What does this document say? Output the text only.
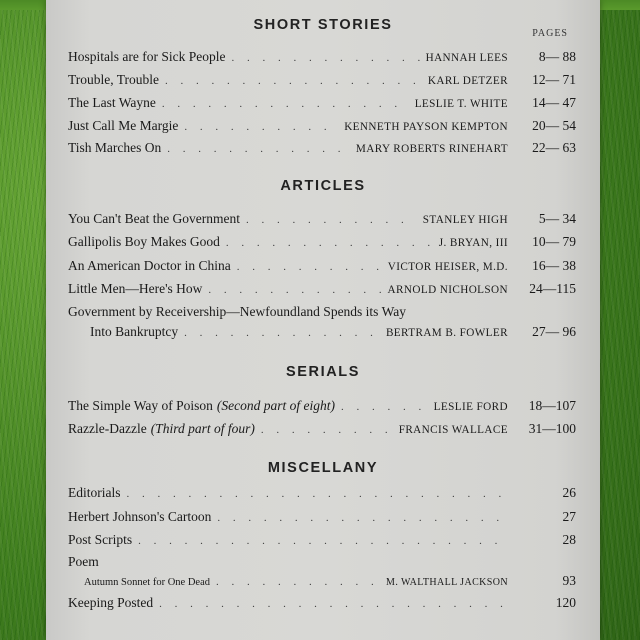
SHORT STORIES
PAGES
Hospitals are for Sick People . . .	HANNAH LEES	8— 88
Trouble, Trouble . . .	KARL DETZER	12— 71
The Last Wayne . . .	LESLIE T. WHITE	14— 47
Just Call Me Margie . . .	KENNETH PAYSON KEMPTON	20— 54
Tish Marches On . . .	MARY ROBERTS RINEHART	22— 63
ARTICLES
You Can't Beat the Government . . .	STANLEY HIGH	5— 34
Gallipolis Boy Makes Good . . .	J. BRYAN, III	10— 79
An American Doctor in China . . .	VICTOR HEISER, M.D.	16— 38
Little Men—Here's How . . .	ARNOLD NICHOLSON	24—115
Government by Receivership—Newfoundland Spends its Way
Into Bankruptcy . . .	BERTRAM B. FOWLER	27— 96
SERIALS
The Simple Way of Poison (Second part of eight) . . .	LESLIE FORD	18—107
Razzle-Dazzle (Third part of four) . . .	FRANCIS WALLACE	31—100
MISCELLANY
Editorials . . .	26
Herbert Johnson's Cartoon . . .	27
Post Scripts . . .	28
Poem
Autumn Sonnet for One Dead . . .	M. WALTHALL JACKSON	93
Keeping Posted . . .	120
